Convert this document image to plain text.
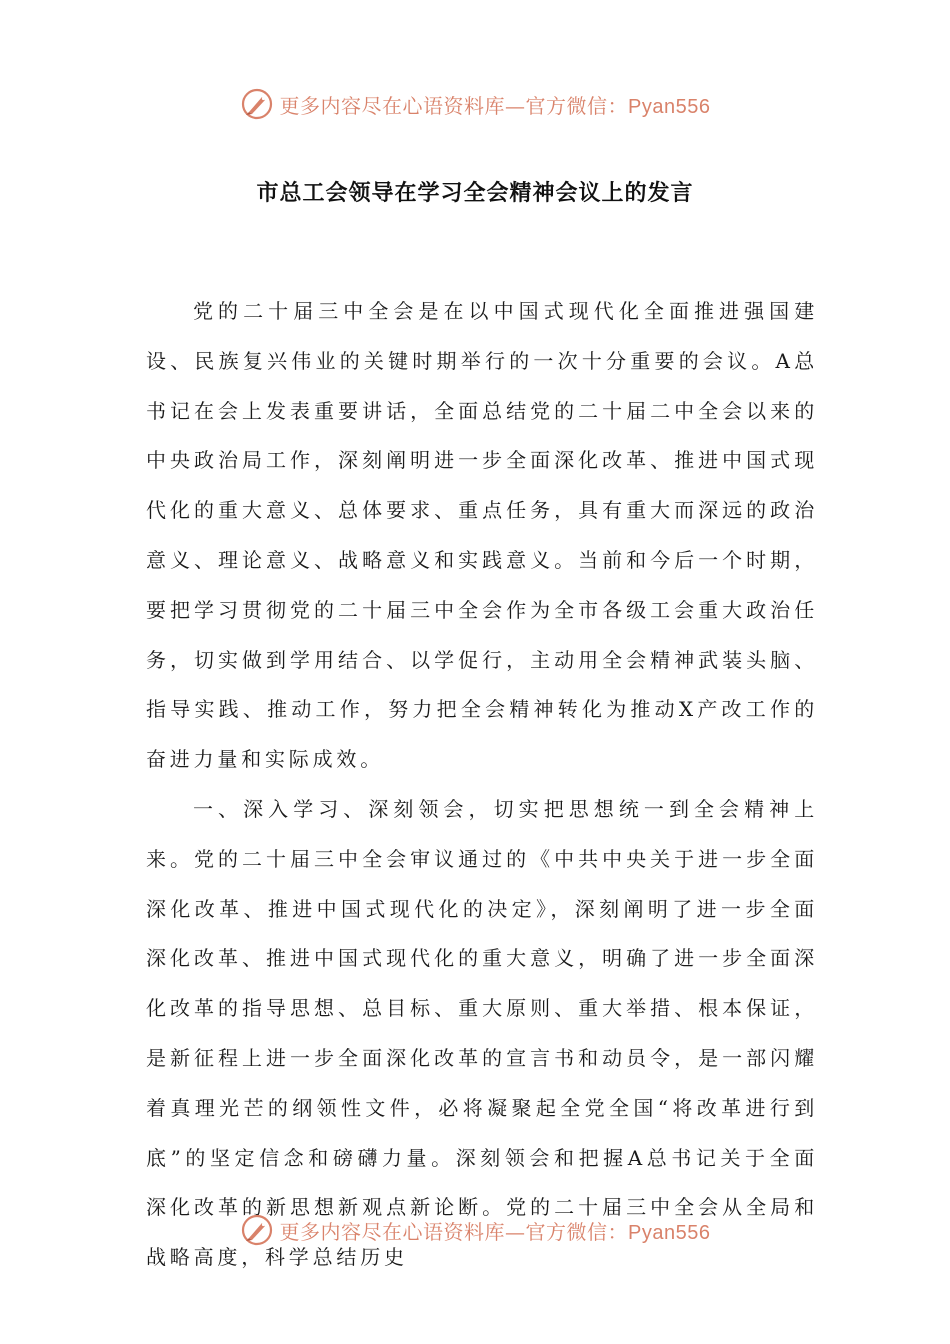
更多内容尽在心语资料库—官方微信：Pyan556
市总工会领导在学习全会精神会议上的发言

党的二十届三中全会是在以中国式现代化全面推进强国建设、民族复兴伟业的关键时期举行的一次十分重要的会议。A总书记在会上发表重要讲话，全面总结党的二十届二中全会以来的中央政治局工作，深刻阐明进一步全面深化改革、推进中国式现代化的重大意义、总体要求、重点任务，具有重大而深远的政治意义、理论意义、战略意义和实践意义。当前和今后一个时期，要把学习贯彻党的二十届三中全会作为全市各级工会重大政治任务，切实做到学用结合、以学促行，主动用全会精神武装头脑、指导实践、推动工作，努力把全会精神转化为推动X产改工作的奋进力量和实际成效。

一、深入学习、深刻领会，切实把思想统一到全会精神上来。党的二十届三中全会审议通过的《中共中央关于进一步全面深化改革、推进中国式现代化的决定》，深刻阐明了进一步全面深化改革、推进中国式现代化的重大意义，明确了进一步全面深化改革的指导思想、总目标、重大原则、重大举措、根本保证，是新征程上进一步全面深化改革的宣言书和动员令，是一部闪耀着真理光芒的纲领性文件，必将凝聚起全党全国“将改革进行到底”的坚定信念和磅礴力量。深刻领会和把握A总书记关于全面深化改革的新思想新观点新论断。党的二十届三中全会从全局和战略高度，科学总结历史

更多内容尽在心语资料库—官方微信：Pyan556
